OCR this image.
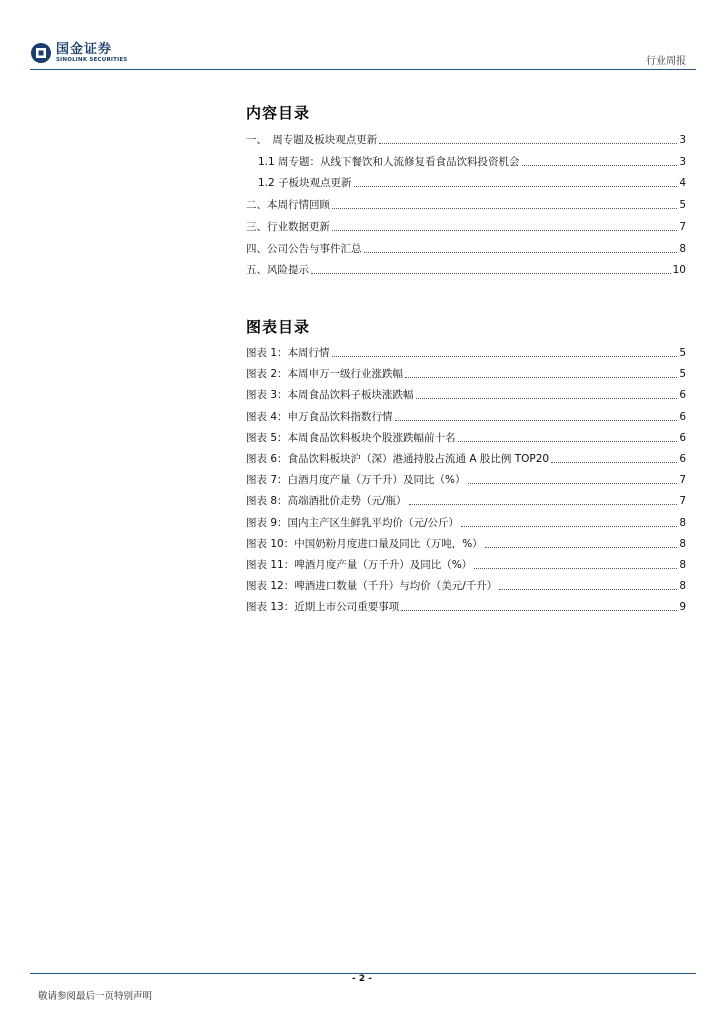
国金证券
SINOLINK SECURITIES	行业周报
内容目录
一、　周专题及板块观点更新	3
1.1 周专题：从线下餐饮和人流修复看食品饮料投资机会	3
1.2 子板块观点更新	4
二、本周行情回顾	5
三、行业数据更新	7
四、公司公告与事件汇总	8
五、风险提示	10
图表目录
图表 1：本周行情	5
图表 2：本周申万一级行业涨跌幅	5
图表 3：本周食品饮料子板块涨跌幅	6
图表 4：申万食品饮料指数行情	6
图表 5：本周食品饮料板块个股涨跌幅前十名	6
图表 6：食品饮料板块沪（深）港通持股占流通 A 股比例 TOP20	6
图表 7：白酒月度产量（万千升）及同比（%）	7
图表 8：高端酒批价走势（元/瓶）	7
图表 9：国内主产区生鲜乳平均价（元/公斤）	8
图表 10：中国奶粉月度进口量及同比（万吨，%）	8
图表 11：啤酒月度产量（万千升）及同比（%）	8
图表 12：啤酒进口数量（千升）与均价（美元/千升）	8
图表 13：近期上市公司重要事项	9
- 2 -
敬请参阅最后一页特别声明
